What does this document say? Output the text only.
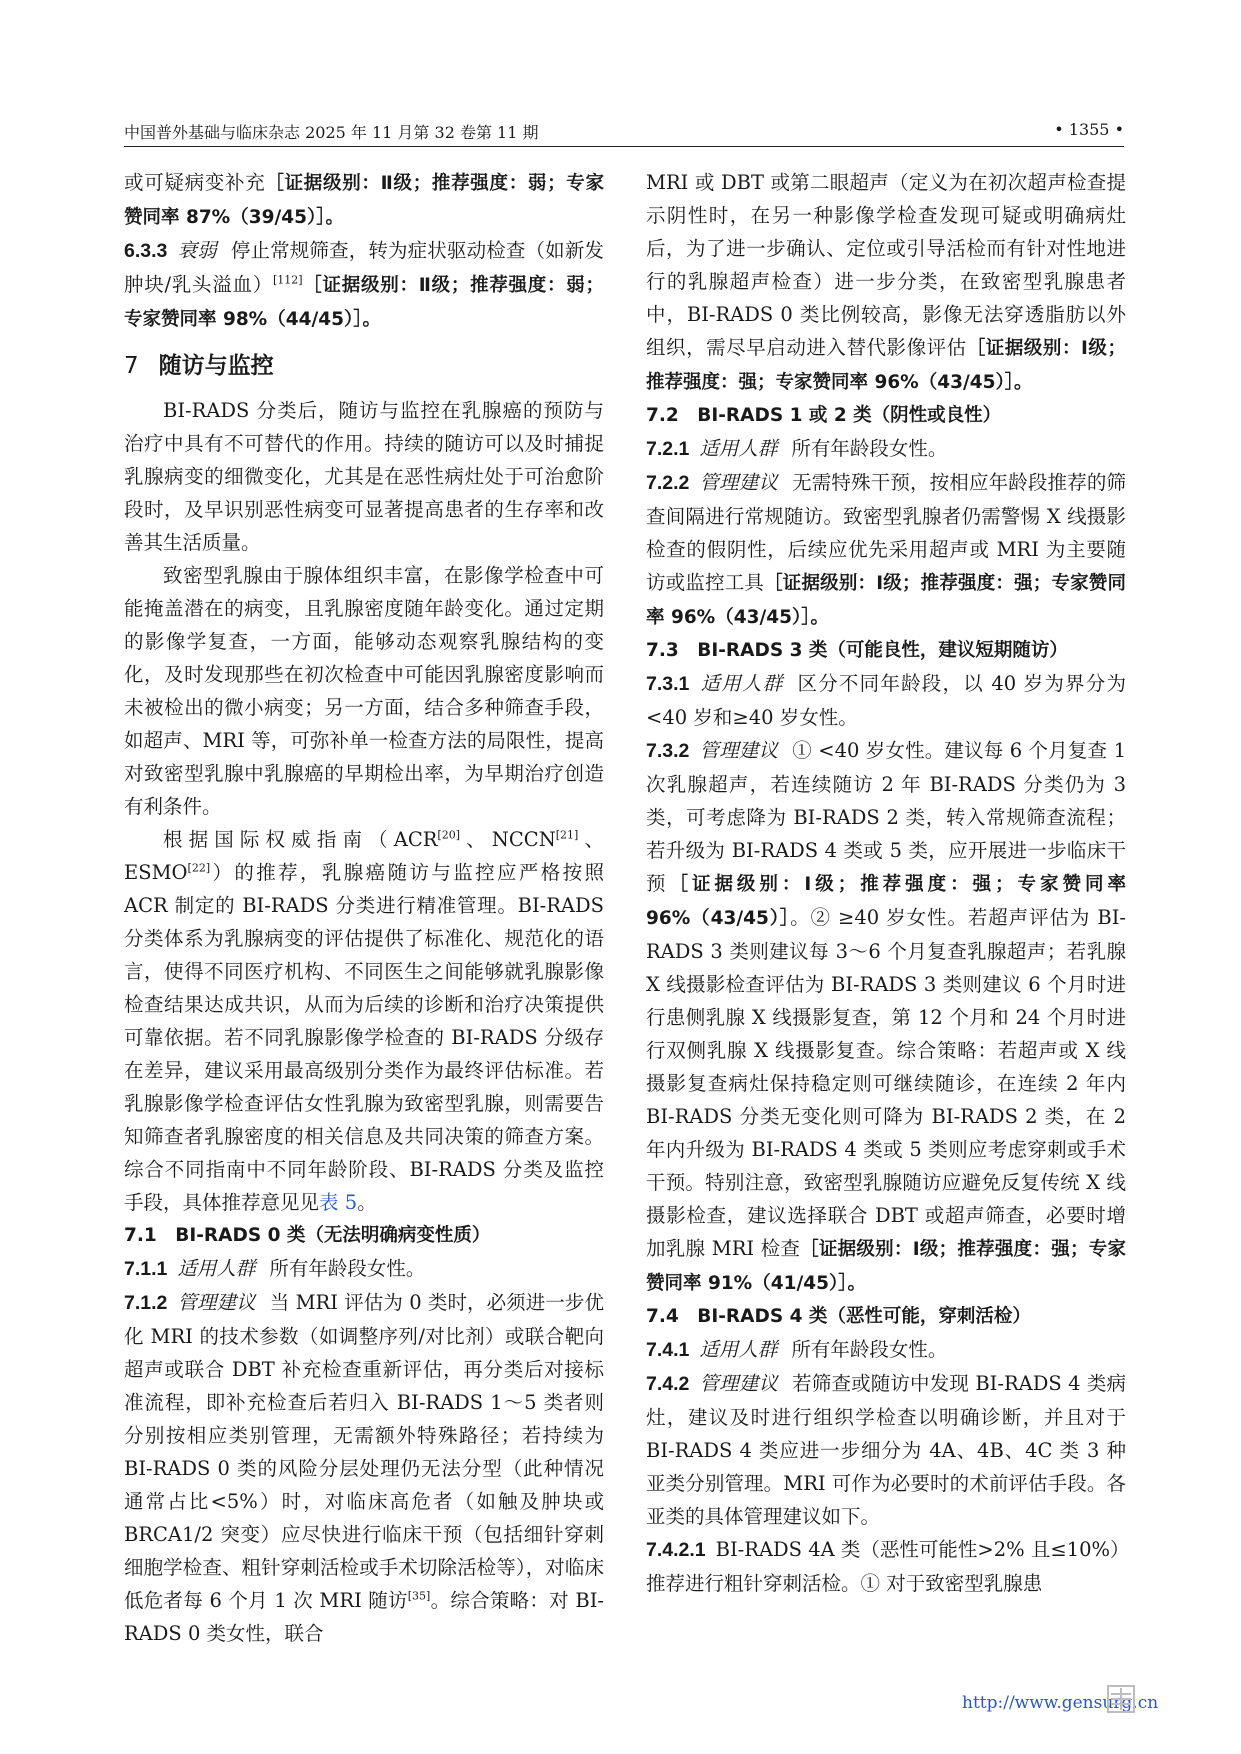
中国普外基础与临床杂志 2025 年 11 月第 32 卷第 11 期	• 1355 •

或可疑病变补充［证据级别：Ⅱ级；推荐强度：弱；专家赞同率 87%（39/45）］。

6.3.3 衰弱 停止常规筛查，转为症状驱动检查（如新发肿块/乳头溢血）[112]［证据级别：Ⅱ级；推荐强度：弱；专家赞同率 98%（44/45）］。

7 随访与监控

BI-RADS 分类后，随访与监控在乳腺癌的预防与治疗中具有不可替代的作用。持续的随访可以及时捕捉乳腺病变的细微变化，尤其是在恶性病灶处于可治愈阶段时，及早识别恶性病变可显著提高患者的生存率和改善其生活质量。

致密型乳腺由于腺体组织丰富，在影像学检查中可能掩盖潜在的病变，且乳腺密度随年龄变化。通过定期的影像学复查，一方面，能够动态观察乳腺结构的变化，及时发现那些在初次检查中可能因乳腺密度影响而未被检出的微小病变；另一方面，结合多种筛查手段，如超声、MRI 等，可弥补单一检查方法的局限性，提高对致密型乳腺中乳腺癌的早期检出率，为早期治疗创造有利条件。

根据国际权威指南（ACR[20]、NCCN[21]、ESMO[22]）的推荐，乳腺癌随访与监控应严格按照 ACR 制定的 BI-RADS 分类进行精准管理。BI-RADS 分类体系为乳腺病变的评估提供了标准化、规范化的语言，使得不同医疗机构、不同医生之间能够就乳腺影像检查结果达成共识，从而为后续的诊断和治疗决策提供可靠依据。若不同乳腺影像学检查的 BI-RADS 分级存在差异，建议采用最高级别分类作为最终评估标准。若乳腺影像学检查评估女性乳腺为致密型乳腺，则需要告知筛查者乳腺密度的相关信息及共同决策的筛查方案。综合不同指南中不同年龄阶段、BI-RADS 分类及监控手段，具体推荐意见见表 5。

7.1　BI-RADS 0 类（无法明确病变性质）

7.1.1 适用人群 所有年龄段女性。

7.1.2 管理建议 当 MRI 评估为 0 类时，必须进一步优化 MRI 的技术参数（如调整序列/对比剂）或联合靶向超声或联合 DBT 补充检查重新评估，再分类后对接标准流程，即补充检查后若归入 BI-RADS 1～5 类者则分别按相应类别管理，无需额外特殊路径；若持续为 BI-RADS 0 类的风险分层处理仍无法分型（此种情况通常占比<5%）时，对临床高危者（如触及肿块或 BRCA1/2 突变）应尽快进行临床干预（包括细针穿刺细胞学检查、粗针穿刺活检或手术切除活检等），对临床低危者每 6 个月 1 次 MRI 随访[35]。综合策略：对 BI-RADS 0 类女性，联合

MRI 或 DBT 或第二眼超声（定义为在初次超声检查提示阴性时，在另一种影像学检查发现可疑或明确病灶后，为了进一步确认、定位或引导活检而有针对性地进行的乳腺超声检查）进一步分类，在致密型乳腺患者中，BI-RADS 0 类比例较高，影像无法穿透脂肪以外组织，需尽早启动进入替代影像评估［证据级别：Ⅰ级；推荐强度：强；专家赞同率 96%（43/45）］。

7.2　BI-RADS 1 或 2 类（阴性或良性）

7.2.1 适用人群 所有年龄段女性。

7.2.2 管理建议 无需特殊干预，按相应年龄段推荐的筛查间隔进行常规随访。致密型乳腺者仍需警惕 X 线摄影检查的假阴性，后续应优先采用超声或 MRI 为主要随访或监控工具［证据级别：Ⅰ级；推荐强度：强；专家赞同率 96%（43/45）］。

7.3　BI-RADS 3 类（可能良性，建议短期随访）

7.3.1 适用人群 区分不同年龄段，以 40 岁为界分为<40 岁和≥40 岁女性。

7.3.2 管理建议 ① <40 岁女性。建议每 6 个月复查 1 次乳腺超声，若连续随访 2 年 BI-RADS 分类仍为 3 类，可考虑降为 BI-RADS 2 类，转入常规筛查流程；若升级为 BI-RADS 4 类或 5 类，应开展进一步临床干预［证据级别：Ⅰ级；推荐强度：强；专家赞同率 96%（43/45）］。② ≥40 岁女性。若超声评估为 BI-RADS 3 类则建议每 3～6 个月复查乳腺超声；若乳腺 X 线摄影检查评估为 BI-RADS 3 类则建议 6 个月时进行患侧乳腺 X 线摄影复查，第 12 个月和 24 个月时进行双侧乳腺 X 线摄影复查。综合策略：若超声或 X 线摄影复查病灶保持稳定则可继续随诊，在连续 2 年内 BI-RADS 分类无变化则可降为 BI-RADS 2 类，在 2 年内升级为 BI-RADS 4 类或 5 类则应考虑穿刺或手术干预。特别注意，致密型乳腺随访应避免反复传统 X 线摄影检查，建议选择联合 DBT 或超声筛查，必要时增加乳腺 MRI 检查［证据级别：Ⅰ级；推荐强度：强；专家赞同率 91%（41/45）］。

7.4　BI-RADS 4 类（恶性可能，穿刺活检）

7.4.1 适用人群 所有年龄段女性。

7.4.2 管理建议 若筛查或随访中发现 BI-RADS 4 类病灶，建议及时进行组织学检查以明确诊断，并且对于 BI-RADS 4 类应进一步细分为 4A、4B、4C 类 3 种亚类分别管理。MRI 可作为必要时的术前评估手段。各亚类的具体管理建议如下。

7.4.2.1 BI-RADS 4A 类（恶性可能性>2% 且≤10%）

推荐进行粗针穿刺活检。① 对于致密型乳腺患

http://www.gensurg.cn
